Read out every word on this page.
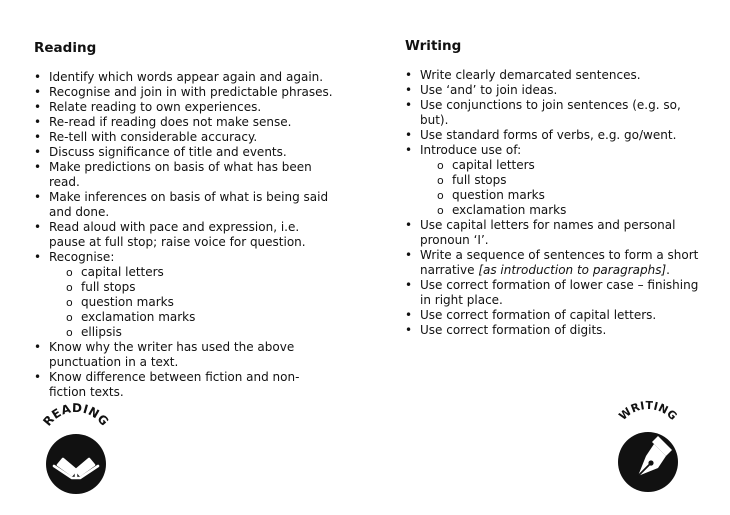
Reading
• Identify which words appear again and again.
• Recognise and join in with predictable phrases.
• Relate reading to own experiences.
• Re-read if reading does not make sense.
• Re-tell with considerable accuracy.
• Discuss significance of title and events.
• Make predictions on basis of what has been
read.
• Make inferences on basis of what is being said
and done.
• Read aloud with pace and expression, i.e.
pause at full stop; raise voice for question.
• Recognise:
o capital letters
o full stops
o question marks
o exclamation marks
o ellipsis
• Know why the writer has used the above
punctuation in a text.
• Know difference between fiction and non-
fiction texts.
Writing
• Write clearly demarcated sentences.
• Use ‘and’ to join ideas.
• Use conjunctions to join sentences (e.g. so,
but).
• Use standard forms of verbs, e.g. go/went.
• Introduce use of:
o capital letters
o full stops
o question marks
o exclamation marks
• Use capital letters for names and personal
pronoun ‘I’.
• Write a sequence of sentences to form a short
narrative [as introduction to paragraphs].
• Use correct formation of lower case – finishing
in right place.
• Use correct formation of capital letters.
• Use correct formation of digits.
READING	WRITING
